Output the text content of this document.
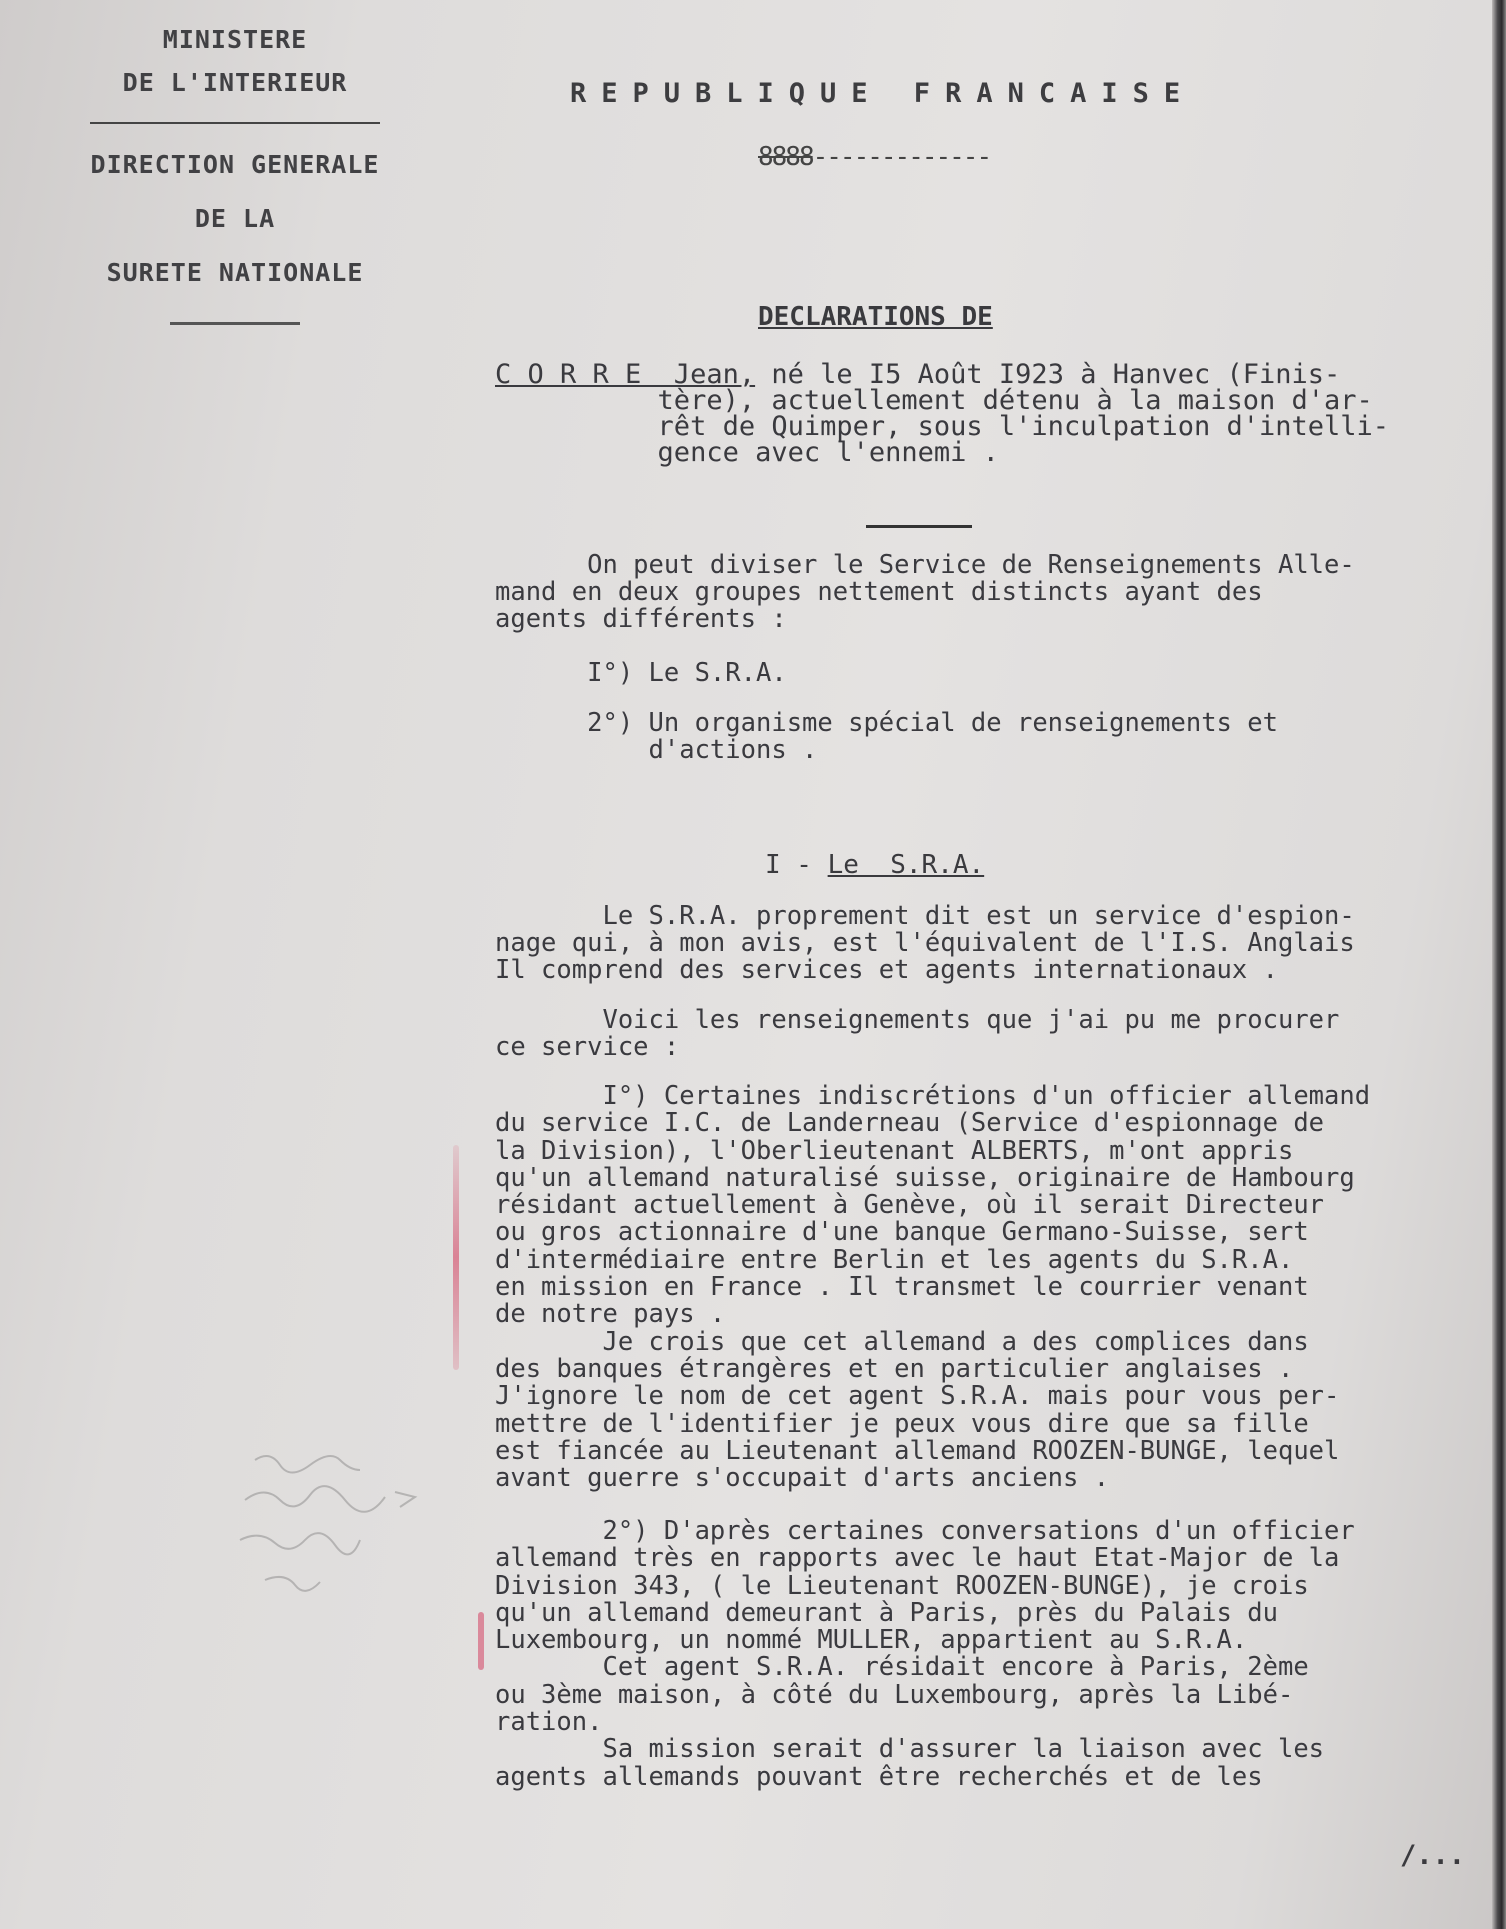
MINISTERE
DE L'INTERIEUR
DIRECTION GENERALE
DE LA
SURETE NATIONALE
REPUBLIQUE FRANCAISE
8888-------------
DECLARATIONS DE
C O R R E  Jean, né le I5 Août I923 à Hanvec (Finis-
tère), actuellement détenu à la maison d'ar-
rêt de Quimper, sous l'inculpation d'intelli-
gence avec l'ennemi .
On peut diviser le Service de Renseignements Alle-
mand en deux groupes nettement distincts ayant des
agents différents :
I°) Le S.R.A.
2°) Un organisme spécial de renseignements et
d'actions .
I - Le  S.R.A.
Le S.R.A. proprement dit est un service d'espion-
nage qui, à mon avis, est l'équivalent de l'I.S. Anglais
Il comprend des services et agents internationaux .
Voici les renseignements que j'ai pu me procurer
ce service :
I°) Certaines indiscrétions d'un officier allemand
du service I.C. de Landerneau (Service d'espionnage de
la Division), l'Oberlieutenant ALBERTS, m'ont appris
qu'un allemand naturalisé suisse, originaire de Hambourg
résidant actuellement à Genève, où il serait Directeur
ou gros actionnaire d'une banque Germano-Suisse, sert
d'intermédiaire entre Berlin et les agents du S.R.A.
en mission en France . Il transmet le courrier venant
de notre pays .
Je crois que cet allemand a des complices dans
des banques étrangères et en particulier anglaises .
J'ignore le nom de cet agent S.R.A. mais pour vous per-
mettre de l'identifier je peux vous dire que sa fille
est fiancée au Lieutenant allemand ROOZEN-BUNGE, lequel
avant guerre s'occupait d'arts anciens .
2°) D'après certaines conversations d'un officier
allemand très en rapports avec le haut Etat-Major de la
Division 343, ( le Lieutenant ROOZEN-BUNGE), je crois
qu'un allemand demeurant à Paris, près du Palais du
Luxembourg, un nommé MULLER, appartient au S.R.A.
Cet agent S.R.A. résidait encore à Paris, 2ème
ou 3ème maison, à côté du Luxembourg, après la Libé-
ration.
Sa mission serait d'assurer la liaison avec les
agents allemands pouvant être recherchés et de les
/...
